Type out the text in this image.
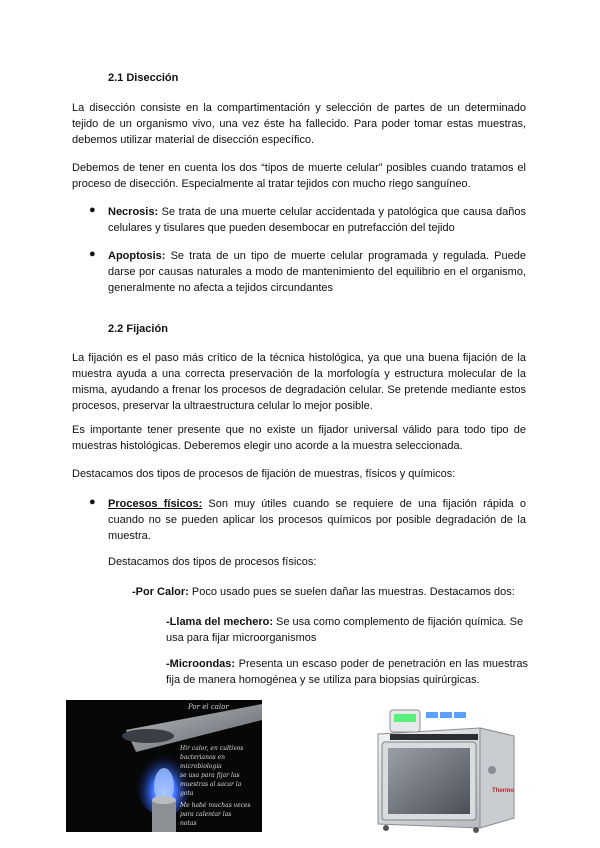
2.1 Disección

La disección consiste en la compartimentación y selección de partes de un determinado tejido de un organismo vivo, una vez éste ha fallecido. Para poder tomar estas muestras, debemos utilizar material de disección específico.

Debemos de tener en cuenta los dos “tipos de muerte celular” posibles cuando tratamos el proceso de disección. Especialmente al tratar tejidos con mucho riego sanguíneo.

● Necrosis: Se trata de una muerte celular accidentada y patológica que causa daños celulares y tisulares que pueden desembocar en putrefacción del tejido

● Apoptosis: Se trata de un tipo de muerte celular programada y regulada. Puede darse por causas naturales a modo de mantenimiento del equilibrio en el organismo, generalmente no afecta a tejidos circundantes

2.2 Fijación

La fijación es el paso más crítico de la técnica histológica, ya que una buena fijación de la muestra ayuda a una correcta preservación de la morfología y estructura molecular de la misma, ayudando a frenar los procesos de degradación celular. Se pretende mediante estos procesos, preservar la ultraestructura celular lo mejor posible.

Es importante tener presente que no existe un fijador universal válido para todo tipo de muestras histológicas. Deberemos elegir uno acorde a la muestra seleccionada.

Destacamos dos tipos de procesos de fijación de muestras, físicos y químicos:

● Procesos físicos: Son muy útiles cuando se requiere de una fijación rápida o cuando no se pueden aplicar los procesos químicos por posible degradación de la muestra.

Destacamos dos tipos de procesos físicos:

-Por Calor: Poco usado pues se suelen dañar las muestras. Destacamos dos:

-Llama del mechero: Se usa como complemento de fijación química. Se usa para fijar microorganismos

-Microondas: Presenta un escaso poder de penetración en las muestras fija de manera homogénea y se utiliza para biopsias quirúrgicas.

Por el calor
Hir calor, en cultivos
bacterianos en microbiología
se usa para fijar las
muestras al sacar la
gota
Me habé muchas veces
para calentar las
notas
Thermo
